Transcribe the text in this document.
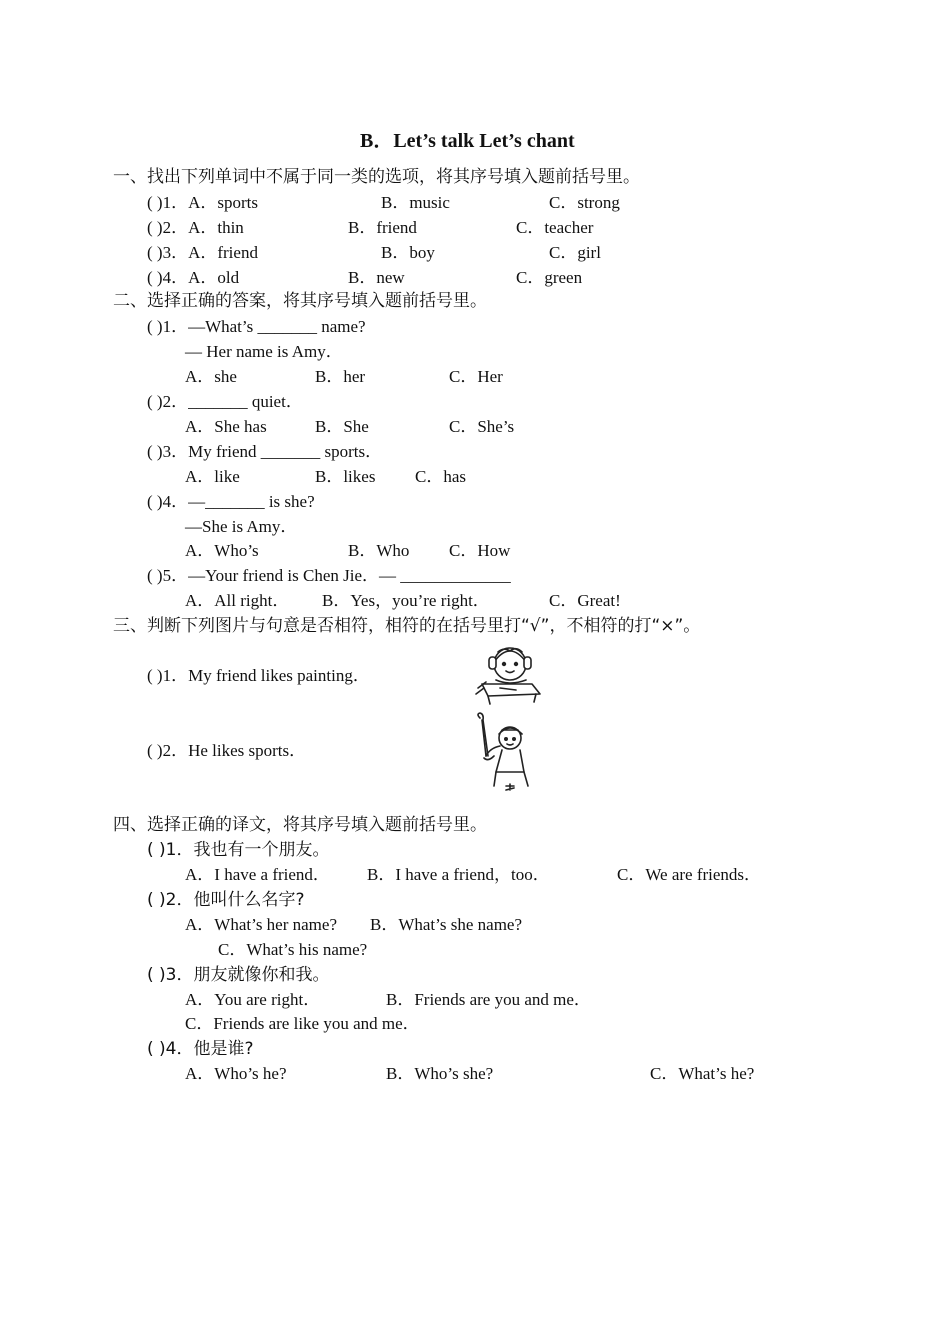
B．Let’s talk Let’s chant
一、找出下列单词中不属于同一类的选项，将其序号填入题前括号里。
( )1．A．sports	B．music	C．strong
( )2．A．thin	B．friend	C．teacher
( )3．A．friend	B．boy	C．girl
( )4．A．old	B．new	C．green
二、选择正确的答案，将其序号填入题前括号里。
( )1．—What’s _______ name?
— Her name is Amy．
A．she	B．her	C．Her
( )2．_______ quiet．
A．She has	B．She	C．She’s
( )3．My friend _______ sports．
A．like	B．likes C．has
( )4．—_______ is she?
—She is Amy．
A．Who’s	B．Who C．How
( )5．—Your friend is Chen Jie．— _____________
A．All right． B．Yes，you’re right．	C．Great!
三、判断下列图片与句意是否相符，相符的在括号里打“√”，不相符的打“×”。
( )1．My friend likes painting．
( )2．He likes sports．
四、选择正确的译文，将其序号填入题前括号里。
( )1．我也有一个朋友。
A．I have a friend． B．I have a friend，too．	C．We are friends．
( )2．他叫什么名字?
A．What’s her name? B．What’s she name?
C．What’s his name?
( )3．朋友就像你和我。
A．You are right．	B．Friends are you and me．
C．Friends are like you and me．
( )4．他是谁?
A．Who’s he?	B．Who’s she?	C．What’s he?
